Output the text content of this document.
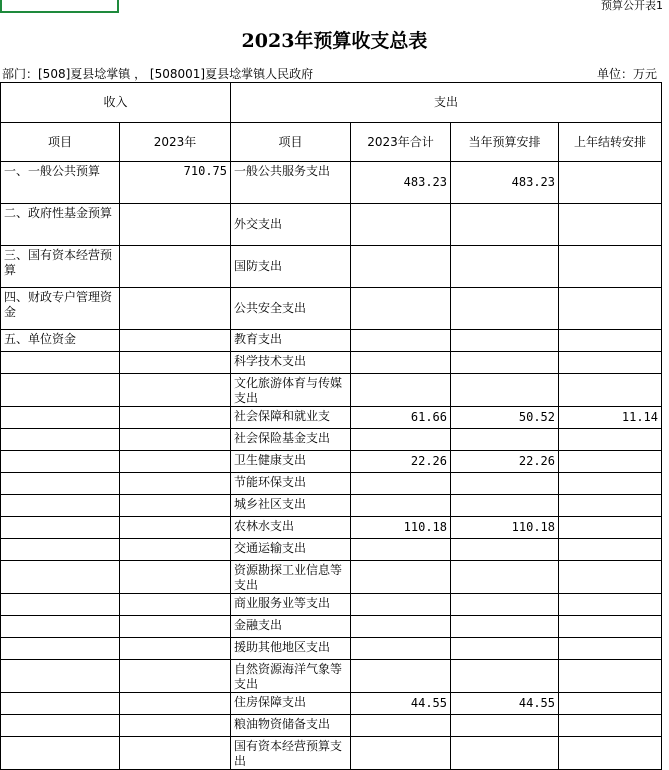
预算公开表1
2023年预算收支总表
部门：[508]夏县埝掌镇 ， [508001]夏县埝掌镇人民政府	单位：万元
收入		支出			
项目	2023年	项目	2023年合计	当年预算安排	上年结转安排
一、一般公共预算	710.75	一般公共服务支出	483.23	483.23	
二、政府性基金预算		外交支出			
三、国有资本经营预算		国防支出			
四、财政专户管理资金		公共安全支出			
五、单位资金		教育支出			
		科学技术支出			
		文化旅游体育与传媒支出			
		社会保障和就业支	61.66	50.52	11.14
		社会保险基金支出			
		卫生健康支出	22.26	22.26	
		节能环保支出			
		城乡社区支出			
		农林水支出	110.18	110.18	
		交通运输支出			
		资源勘探工业信息等支出			
		商业服务业等支出			
		金融支出			
		援助其他地区支出			
		自然资源海洋气象等支出			
		住房保障支出	44.55	44.55	
		粮油物资储备支出			
		国有资本经营预算支出			
